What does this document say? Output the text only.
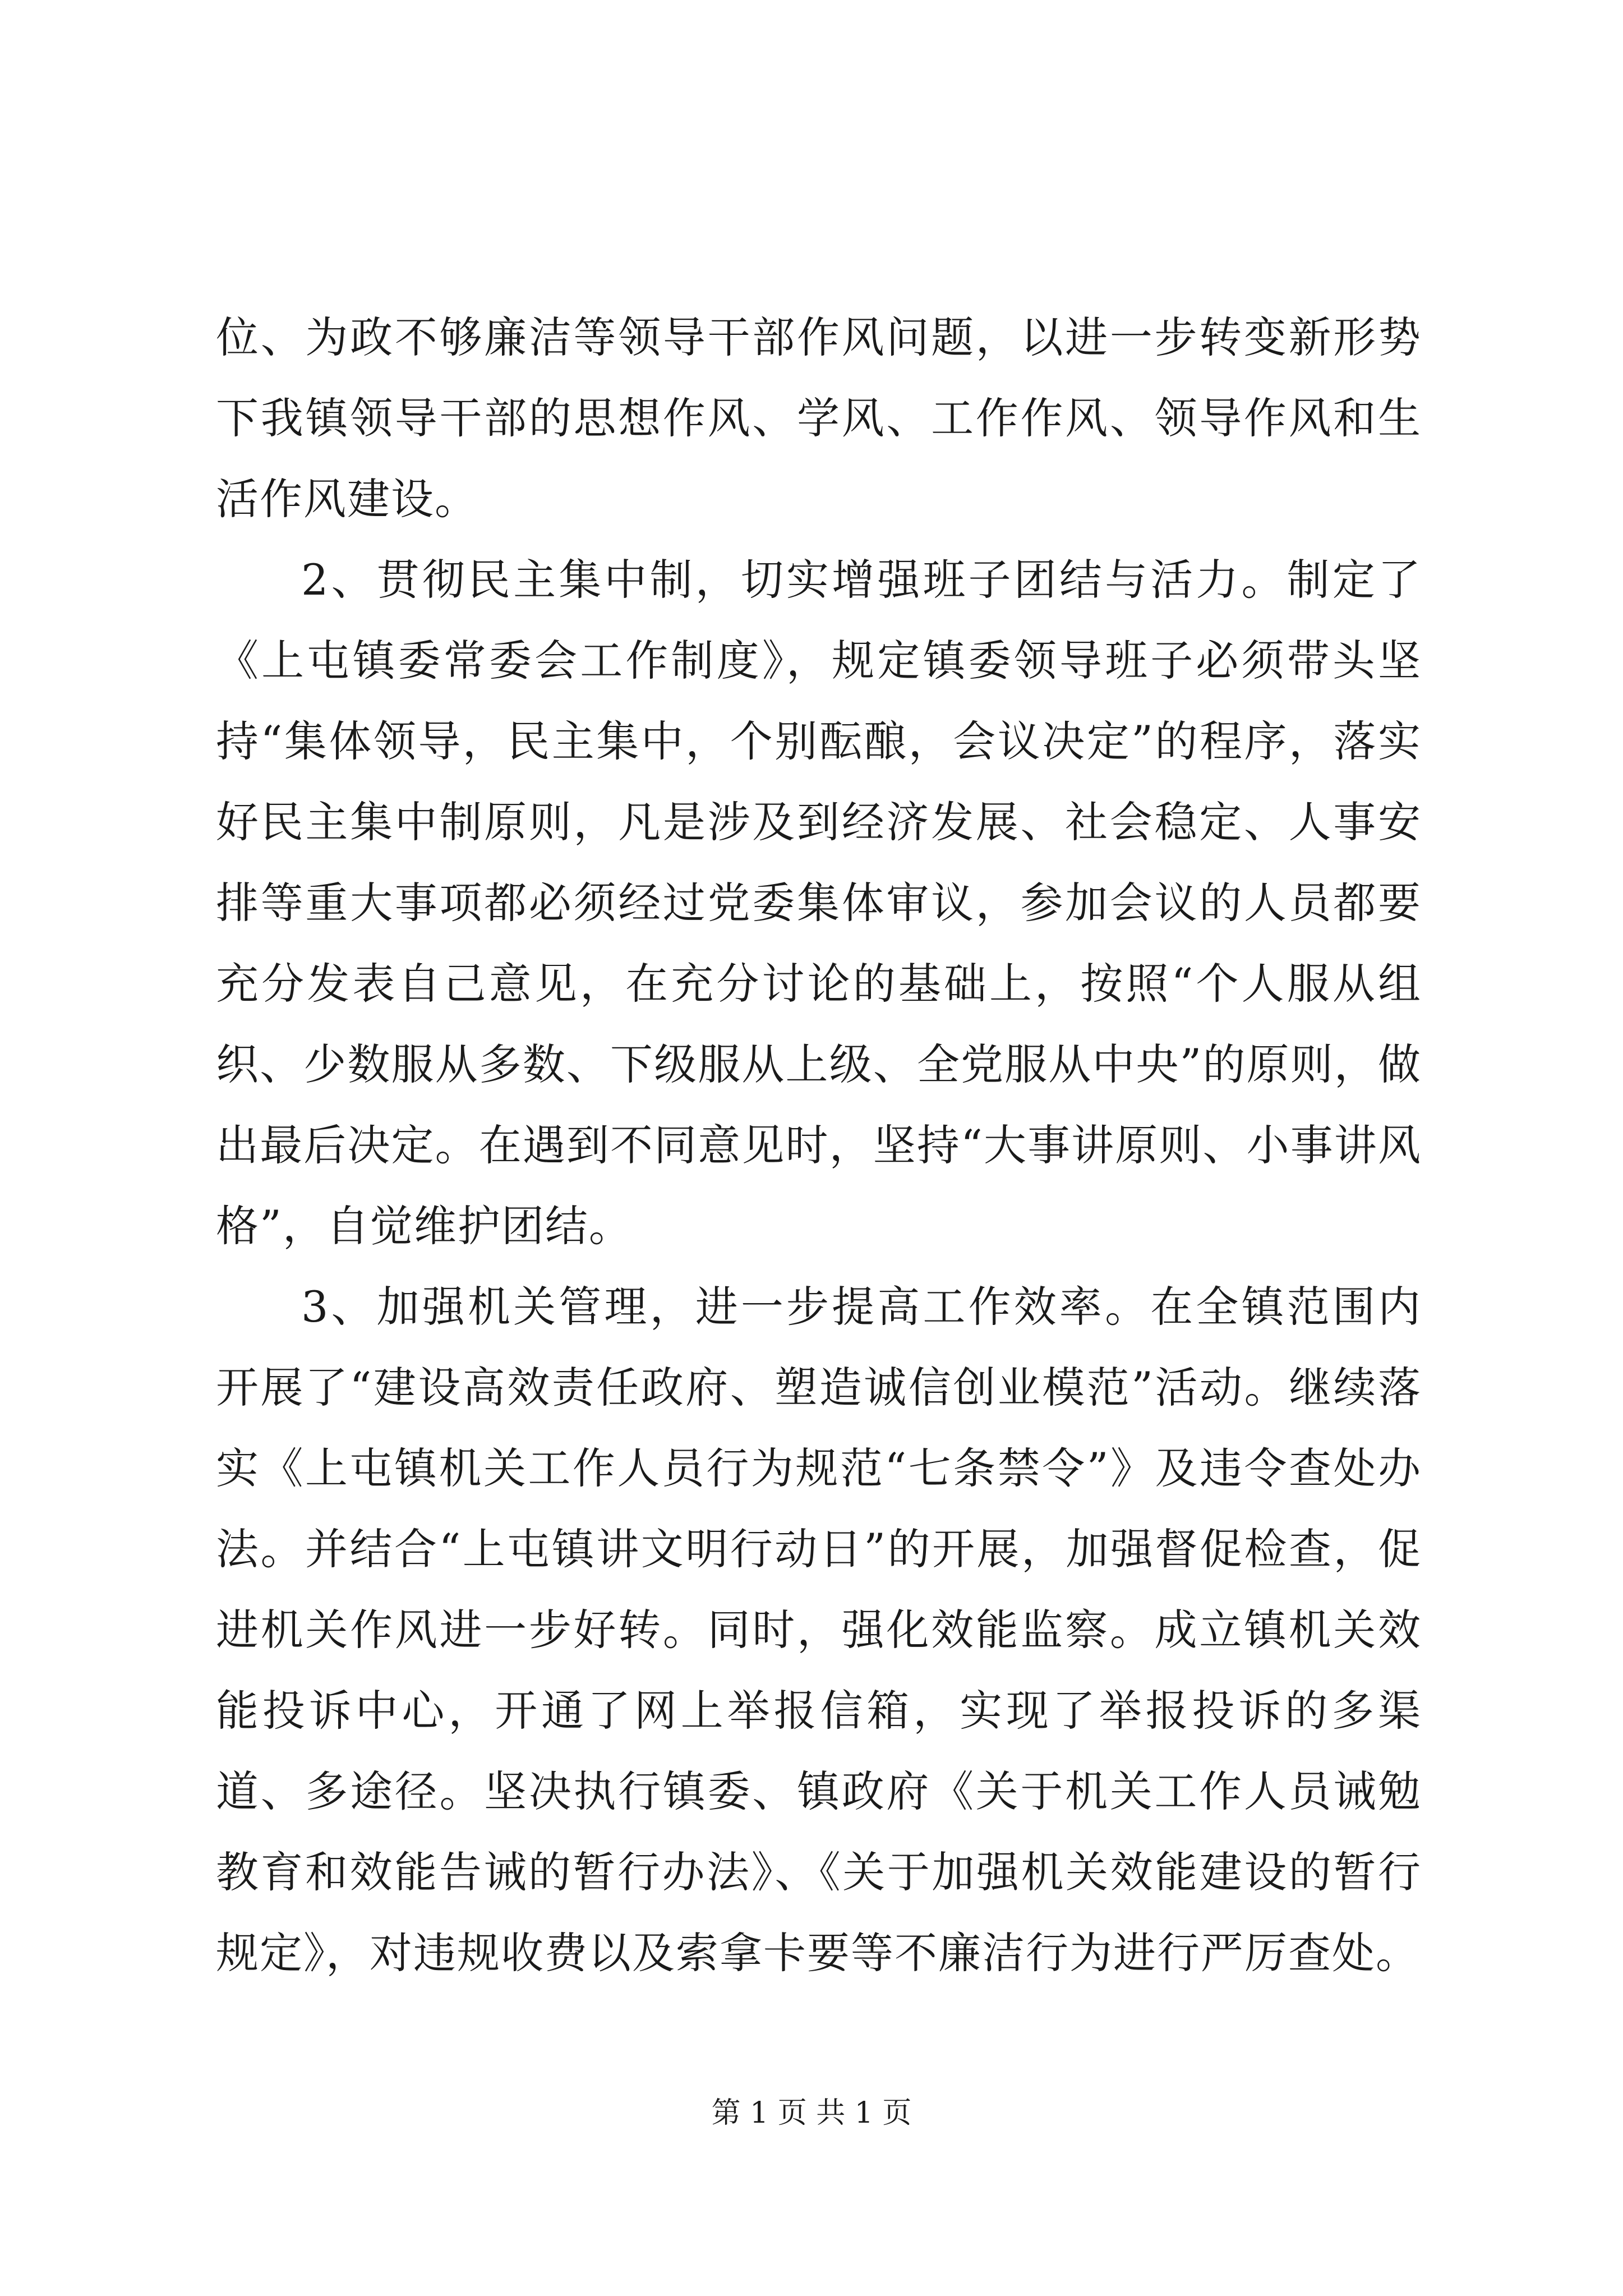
位、为政不够廉洁等领导干部作风问题，以进一步转变新形势下我镇领导干部的思想作风、学风、工作作风、领导作风和生活作风建设。

2、贯彻民主集中制，切实增强班子团结与活力。制定了《上屯镇委常委会工作制度》，规定镇委领导班子必须带头坚持“集体领导，民主集中，个别酝酿，会议决定”的程序，落实好民主集中制原则，凡是涉及到经济发展、社会稳定、人事安排等重大事项都必须经过党委集体审议，参加会议的人员都要充分发表自己意见，在充分讨论的基础上，按照“个人服从组织、少数服从多数、下级服从上级、全党服从中央”的原则，做出最后决定。在遇到不同意见时，坚持“大事讲原则、小事讲风格”，自觉维护团结。

3、加强机关管理，进一步提高工作效率。在全镇范围内开展了“建设高效责任政府、塑造诚信创业模范”活动。继续落实《上屯镇机关工作人员行为规范“七条禁令”》及违令查处办法。并结合“上屯镇讲文明行动日”的开展，加强督促检查，促进机关作风进一步好转。同时，强化效能监察。成立镇机关效能投诉中心，开通了网上举报信箱，实现了举报投诉的多渠道、多途径。坚决执行镇委、镇政府《关于机关工作人员诫勉教育和效能告诫的暂行办法》、《关于加强机关效能建设的暂行规定》，对违规收费以及索拿卡要等不廉洁行为进行严厉查处。

第 1 页 共 1 页
